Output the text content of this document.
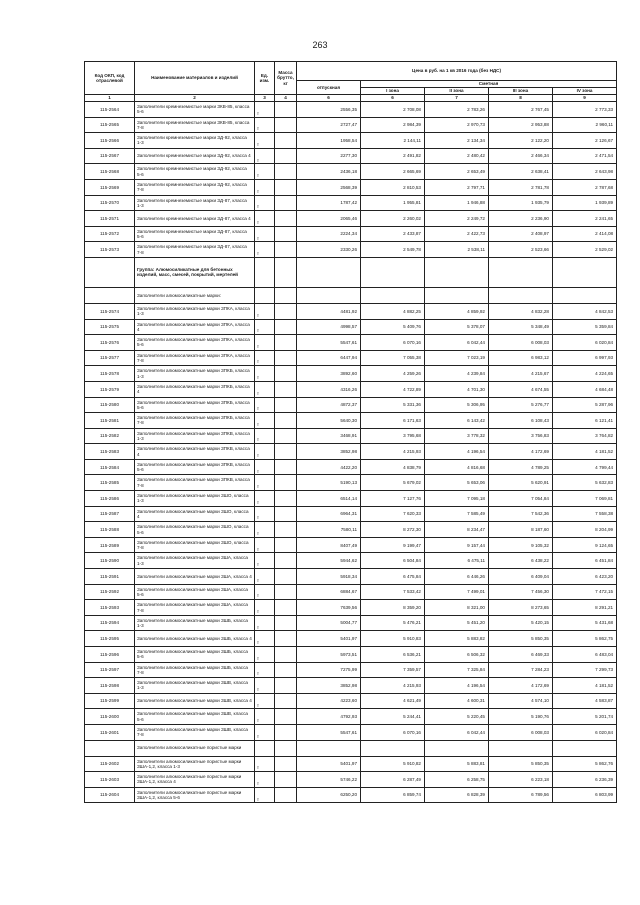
263
Код ОКП, код отраслевой	Наименование материалов и изделий	Ед. изм.	Масса брутто, кг	Цена в руб. на 1 кв 2016 года (без НДС)				
				отпускная	Сметная			
					I зона	II зона	III зона	IV зона
1	2	3	4	6	6	7	8	9
115-2564	Заполнители кремнеземистые марки ЗКВ-85, класса 5-6	т		2556,35	2 708,08	2 783,26	2 767,45	2 773,33
115-2565	Заполнители кремнеземистые марки ЗКВ-85, класса 7-8	т		2727,47	2 984,39	2 970,73	2 953,88	2 960,11
115-2566	Заполнители кремнеземистые марки ЗД-92, класса 1-3	т		1958,54	2 144,11	2 134,34	2 122,20	2 126,67
115-2567	Заполнители кремнеземистые марки ЗД-92, класса 4	т		2277,30	2 491,82	2 480,42	2 466,34	2 471,54
115-2568	Заполнители кремнеземистые марки ЗД-92, класса 5-6	т		2436,18	2 665,69	2 653,49	2 638,41	2 643,98
115-2569	Заполнители кремнеземистые марки ЗД-92, класса 7-8	т		2568,39	2 810,53	2 797,71	2 781,78	2 787,68
115-2570	Заполнители кремнеземистые марки ЗД-87, класса 1-3	т		1787,42	1 955,81	1 946,88	1 935,79	1 939,89
115-2571	Заполнители кремнеземистые марки ЗД-87, класса 4	т		2065,46	2 260,02	2 249,72	2 236,90	2 241,65
115-2572	Заполнители кремнеземистые марки ЗД-87, класса 5-6	т		2224,34	2 433,87	2 422,73	2 408,97	2 414,08
115-2573	Заполнители кремнеземистые марки ЗД-87, класса 7-8	т		2330,26	2 549,78	2 538,11	2 523,66	2 529,02
	Группа: Алюмосиликатные для бетонных изделий, масс, смесей, покрытий, мертелей							
	Заполнители алюмосиликатные марки:							
115-2574	Заполнители алюмосиликатные марки ЗПКА, класса 1-3	т		4481,92	4 882,25	4 859,92	4 832,28	4 842,53
115-2575	Заполнители алюмосиликатные марки ЗПКА, класса 4	т		4998,57	5 409,76	5 378,07	5 348,49	5 359,84
115-2576	Заполнители алюмосиликатные марки ЗПКА, класса 5-6	т		5547,61	6 070,16	6 042,44	6 008,03	6 020,84
115-2577	Заполнители алюмосиликатные марки ЗПКА, класса 7-8	т		6447,94	7 055,38	7 023,19	6 983,12	6 997,93
115-2578	Заполнители алюмосиликатные марки ЗПКБ, класса 1-3	т		3892,60	4 259,26	4 239,84	4 215,67	4 224,65
115-2579	Заполнители алюмосиликатные марки ЗПКБ, класса 4	т		4316,26	4 722,89	4 701,30	4 674,55	4 684,48
115-2580	Заполнители алюмосиликатные марки ЗПКБ, класса 5-6	т		4872,37	5 331,36	5 306,95	5 276,77	5 287,96
115-2581	Заполнители алюмосиликатные марки ЗПКБ, класса 7-8	т		5640,30	6 171,63	6 143,42	6 108,43	6 121,41
115-2582	Заполнители алюмосиликатные марки ЗПКВ, класса 1-3	т		3468,91	3 795,68	3 778,32	3 756,83	3 764,82
115-2583	Заполнители алюмосиликатные марки ЗПКВ, класса 4	т		3852,98	4 215,93	4 196,54	4 172,69	4 181,52
115-2584	Заполнители алюмосиликатные марки ЗПКВ, класса 5-6	т		4422,20	4 838,79	4 816,68	4 789,25	4 799,44
115-2585	Заполнители алюмосиликатные марки ЗПКВ, класса 7-8	т		5190,13	5 679,02	5 653,06	5 620,91	5 632,83
115-2586	Заполнители алюмосиликатные марки ЗШО, класса 1-3	т		6514,14	7 127,76	7 095,18	7 054,84	7 069,81
115-2587	Заполнители алюмосиликатные марки ЗШО, класса 4	т		6964,31	7 620,33	7 585,49	7 542,36	7 558,38
115-2588	Заполнители алюмосиликатные марки ЗШО, класса 5-6	т		7580,11	8 272,30	8 234,47	8 187,60	8 204,99
115-2589	Заполнители алюмосиликатные марки ЗШО, класса 7-8	т		8407,49	9 199,47	9 157,44	9 105,32	9 124,65
115-2590	Заполнители алюмосиликатные марки ЗША, класса 1-3	т		5944,62	6 504,84	6 475,11	6 438,22	6 451,84
115-2591	Заполнители алюмосиликатные марки ЗША, класса 4	т		5918,34	6 475,84	6 446,26	6 409,04	6 423,20
115-2592	Заполнители алюмосиликатные марки ЗША, класса 5-6	т		6884,67	7 533,42	7 499,01	7 456,30	7 472,15
115-2593	Заполнители алюмосиликатные марки ЗША, класса 7-8	т		7639,56	8 359,20	8 321,00	8 273,65	8 291,21
115-2594	Заполнители алюмосиликатные марки ЗШБ, класса 1-3	т		5004,77	5 476,21	5 451,20	5 420,15	5 431,68
115-2595	Заполнители алюмосиликатные марки ЗШБ, класса 4	т		5401,97	5 910,83	5 883,82	5 850,35	5 862,75
115-2596	Заполнители алюмосиликатные марки ЗШБ, класса 5-6	т		5973,51	6 536,21	6 506,32	6 469,33	6 483,04
115-2597	Заполнители алюмосиликатные марки ЗШБ, класса 7-8	т		7275,99	7 359,57	7 325,84	7 284,23	7 299,73
115-2598	Заполнители алюмосиликатные марки ЗШВ, класса 1-3	т		3852,98	4 215,93	4 196,54	4 172,69	4 181,52
115-2599	Заполнители алюмосиликатные марки ЗШВ, класса 4	т		4223,60	4 621,49	4 600,31	4 574,10	4 583,87
115-2600	Заполнители алюмосиликатные марки ЗШВ, класса 5-6	т		4792,93	5 244,41	5 220,45	5 190,76	5 201,74
115-2601	Заполнители алюмосиликатные марки ЗШВ, класса 7-8	т		5547,61	6 070,16	6 042,44	6 008,03	6 020,84
	Заполнители алюмосиликатные пористые марки							
115-2602	Заполнители алюмосиликатные пористые марки ЗША-1,2, класса 1-3	т		5401,97	5 910,82	5 883,81	5 850,35	5 862,76
115-2603	Заполнители алюмосиликатные пористые марки ЗША-1,2, класса 4	т		5746,22	6 287,49	6 258,75	6 223,18	6 236,39
115-2604	Заполнители алюмосиликатные пористые марки ЗША-1,2, класса 5-6	т		6250,20	6 859,74	6 828,39	6 789,56	6 803,99
